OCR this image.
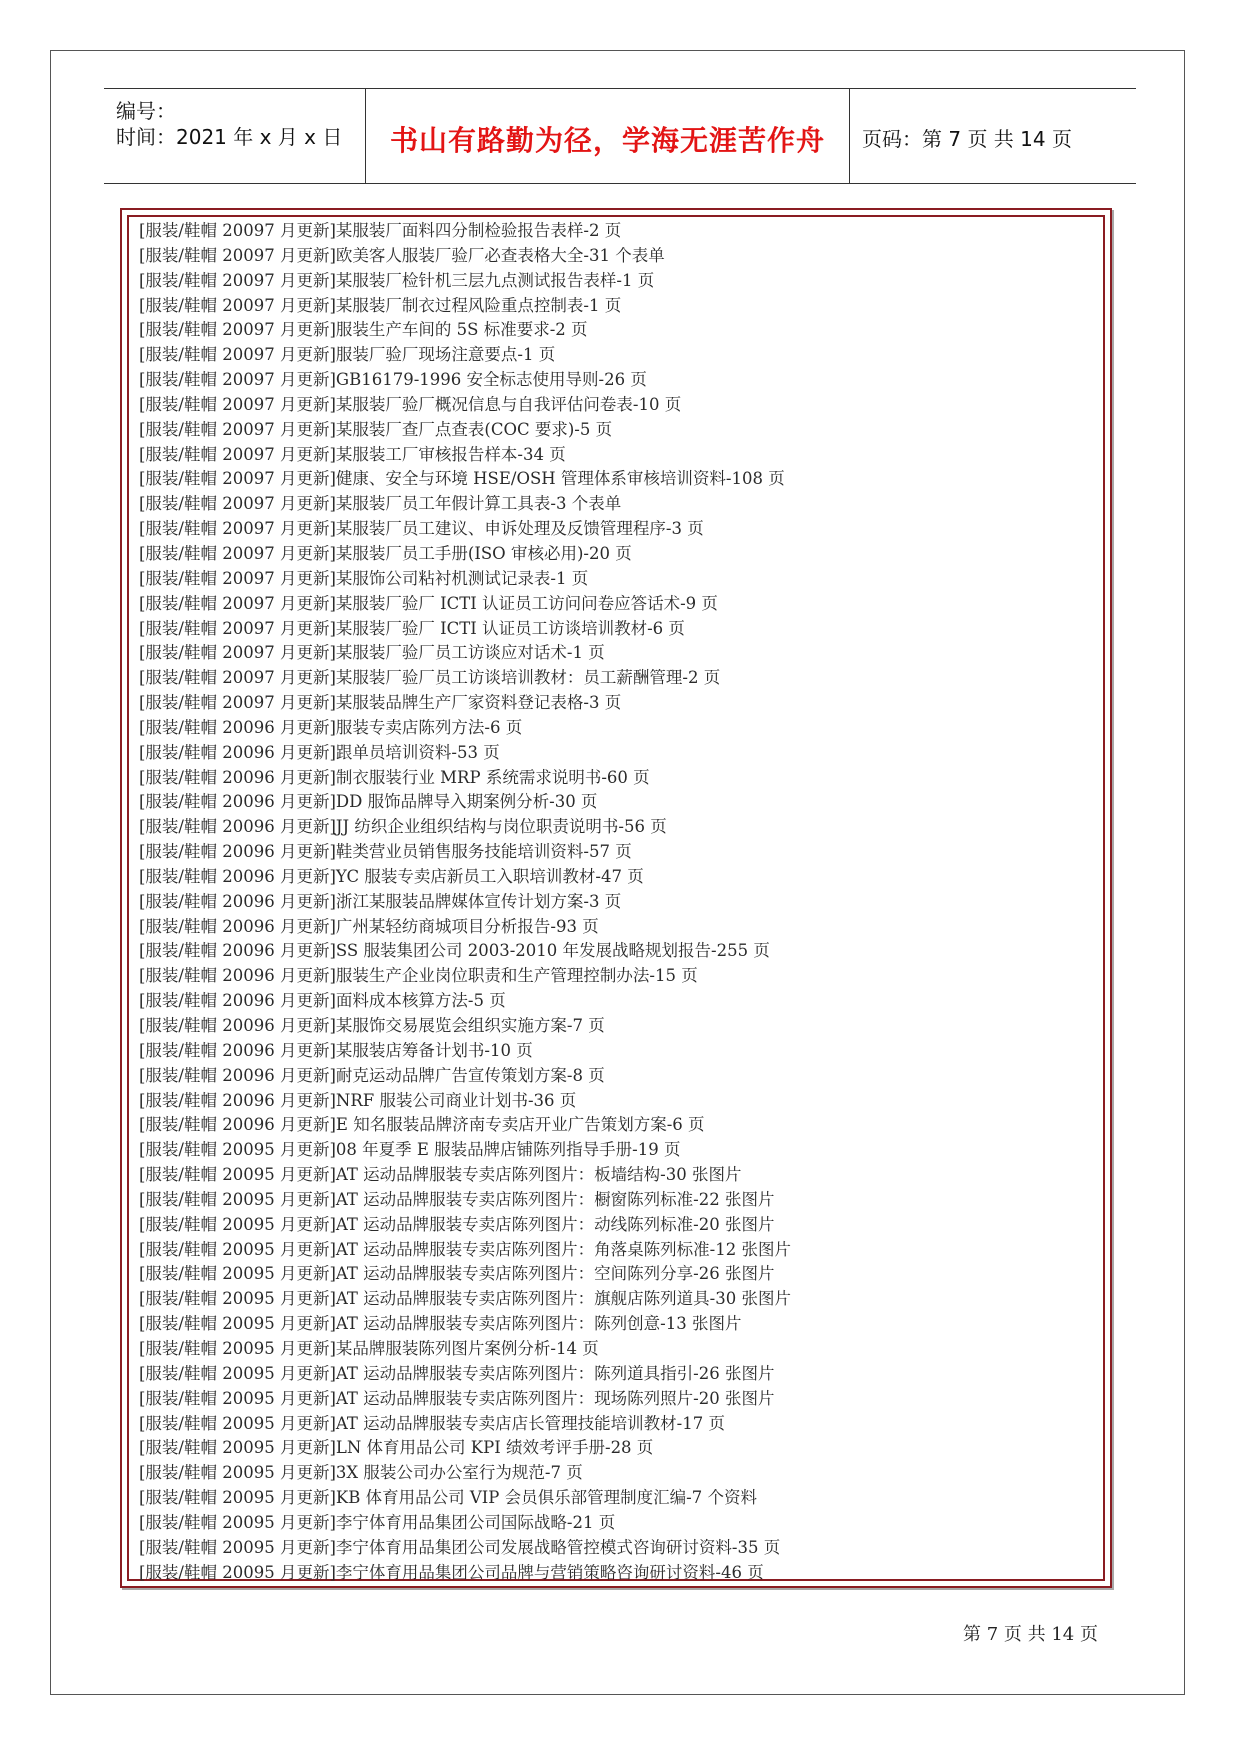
编号：
时间：2021 年 x 月 x 日	书山有路勤为径，学海无涯苦作舟	页码：第 7 页 共 14 页
[服装/鞋帽 20097 月更新]某服装厂面料四分制检验报告表样-2 页
[服装/鞋帽 20097 月更新]欧美客人服装厂验厂必查表格大全-31 个表单
[服装/鞋帽 20097 月更新]某服装厂检针机三层九点测试报告表样-1 页
[服装/鞋帽 20097 月更新]某服装厂制衣过程风险重点控制表-1 页
[服装/鞋帽 20097 月更新]服装生产车间的 5S 标准要求-2 页
[服装/鞋帽 20097 月更新]服装厂验厂现场注意要点-1 页
[服装/鞋帽 20097 月更新]GB16179-1996 安全标志使用导则-26 页
[服装/鞋帽 20097 月更新]某服装厂验厂概况信息与自我评估问卷表-10 页
[服装/鞋帽 20097 月更新]某服装厂查厂点查表(COC 要求)-5 页
[服装/鞋帽 20097 月更新]某服装工厂审核报告样本-34 页
[服装/鞋帽 20097 月更新]健康、安全与环境 HSE/OSH 管理体系审核培训资料-108 页
[服装/鞋帽 20097 月更新]某服装厂员工年假计算工具表-3 个表单
[服装/鞋帽 20097 月更新]某服装厂员工建议、申诉处理及反馈管理程序-3 页
[服装/鞋帽 20097 月更新]某服装厂员工手册(ISO 审核必用)-20 页
[服装/鞋帽 20097 月更新]某服饰公司粘衬机测试记录表-1 页
[服装/鞋帽 20097 月更新]某服装厂验厂 ICTI 认证员工访问问卷应答话术-9 页
[服装/鞋帽 20097 月更新]某服装厂验厂 ICTI 认证员工访谈培训教材-6 页
[服装/鞋帽 20097 月更新]某服装厂验厂员工访谈应对话术-1 页
[服装/鞋帽 20097 月更新]某服装厂验厂员工访谈培训教材：员工薪酬管理-2 页
[服装/鞋帽 20097 月更新]某服装品牌生产厂家资料登记表格-3 页
[服装/鞋帽 20096 月更新]服装专卖店陈列方法-6 页
[服装/鞋帽 20096 月更新]跟单员培训资料-53 页
[服装/鞋帽 20096 月更新]制衣服装行业 MRP 系统需求说明书-60 页
[服装/鞋帽 20096 月更新]DD 服饰品牌导入期案例分析-30 页
[服装/鞋帽 20096 月更新]JJ 纺织企业组织结构与岗位职责说明书-56 页
[服装/鞋帽 20096 月更新]鞋类营业员销售服务技能培训资料-57 页
[服装/鞋帽 20096 月更新]YC 服装专卖店新员工入职培训教材-47 页
[服装/鞋帽 20096 月更新]浙江某服装品牌媒体宣传计划方案-3 页
[服装/鞋帽 20096 月更新]广州某轻纺商城项目分析报告-93 页
[服装/鞋帽 20096 月更新]SS 服装集团公司 2003-2010 年发展战略规划报告-255 页
[服装/鞋帽 20096 月更新]服装生产企业岗位职责和生产管理控制办法-15 页
[服装/鞋帽 20096 月更新]面料成本核算方法-5 页
[服装/鞋帽 20096 月更新]某服饰交易展览会组织实施方案-7 页
[服装/鞋帽 20096 月更新]某服装店筹备计划书-10 页
[服装/鞋帽 20096 月更新]耐克运动品牌广告宣传策划方案-8 页
[服装/鞋帽 20096 月更新]NRF 服装公司商业计划书-36 页
[服装/鞋帽 20096 月更新]E 知名服装品牌济南专卖店开业广告策划方案-6 页
[服装/鞋帽 20095 月更新]08 年夏季 E 服装品牌店铺陈列指导手册-19 页
[服装/鞋帽 20095 月更新]AT 运动品牌服装专卖店陈列图片：板墙结构-30 张图片
[服装/鞋帽 20095 月更新]AT 运动品牌服装专卖店陈列图片：橱窗陈列标准-22 张图片
[服装/鞋帽 20095 月更新]AT 运动品牌服装专卖店陈列图片：动线陈列标准-20 张图片
[服装/鞋帽 20095 月更新]AT 运动品牌服装专卖店陈列图片：角落桌陈列标准-12 张图片
[服装/鞋帽 20095 月更新]AT 运动品牌服装专卖店陈列图片：空间陈列分享-26 张图片
[服装/鞋帽 20095 月更新]AT 运动品牌服装专卖店陈列图片：旗舰店陈列道具-30 张图片
[服装/鞋帽 20095 月更新]AT 运动品牌服装专卖店陈列图片：陈列创意-13 张图片
[服装/鞋帽 20095 月更新]某品牌服装陈列图片案例分析-14 页
[服装/鞋帽 20095 月更新]AT 运动品牌服装专卖店陈列图片：陈列道具指引-26 张图片
[服装/鞋帽 20095 月更新]AT 运动品牌服装专卖店陈列图片：现场陈列照片-20 张图片
[服装/鞋帽 20095 月更新]AT 运动品牌服装专卖店店长管理技能培训教材-17 页
[服装/鞋帽 20095 月更新]LN 体育用品公司 KPI 绩效考评手册-28 页
[服装/鞋帽 20095 月更新]3X 服装公司办公室行为规范-7 页
[服装/鞋帽 20095 月更新]KB 体育用品公司 VIP 会员俱乐部管理制度汇编-7 个资料
[服装/鞋帽 20095 月更新]李宁体育用品集团公司国际战略-21 页
[服装/鞋帽 20095 月更新]李宁体育用品集团公司发展战略管控模式咨询研讨资料-35 页
[服装/鞋帽 20095 月更新]李宁体育用品集团公司品牌与营销策略咨询研讨资料-46 页
第 7 页 共 14 页
